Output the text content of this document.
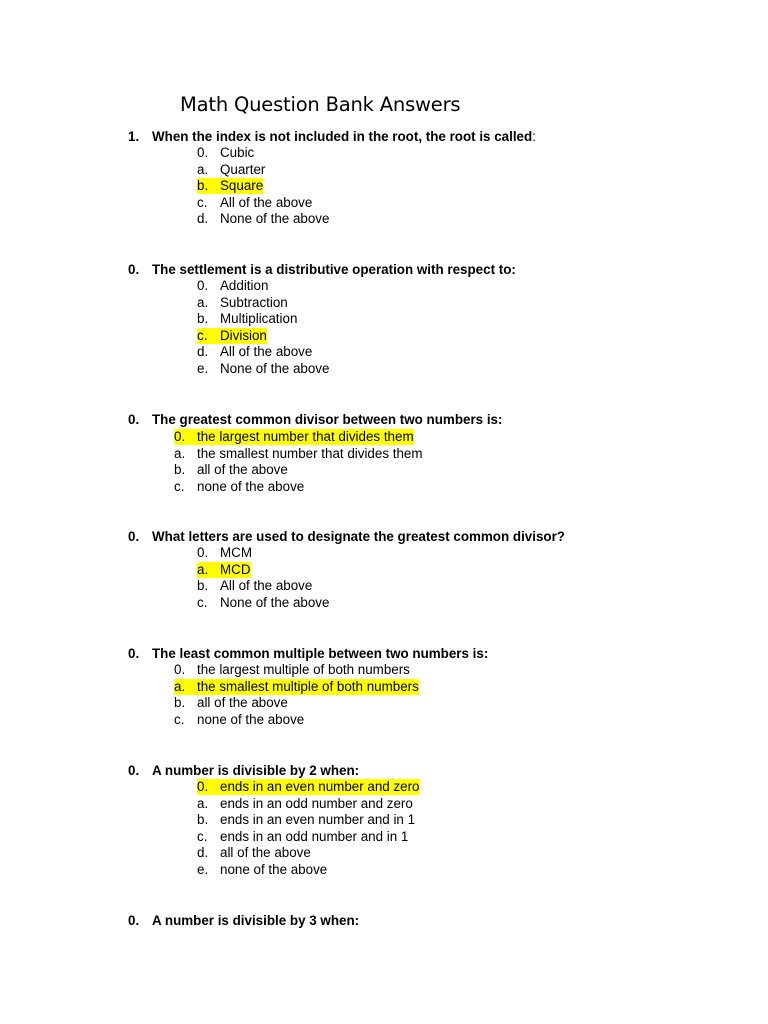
Math Question Bank Answers
1. When the index is not included in the root, the root is called:
0. Cubic
a. Quarter
b. Square
c. All of the above
d. None of the above
0. The settlement is a distributive operation with respect to:
0. Addition
a. Subtraction
b. Multiplication
c. Division
d. All of the above
e. None of the above
0. The greatest common divisor between two numbers is:
0. the largest number that divides them
a. the smallest number that divides them
b. all of the above
c. none of the above
0. What letters are used to designate the greatest common divisor?
0. MCM
a. MCD
b. All of the above
c. None of the above
0. The least common multiple between two numbers is:
0. the largest multiple of both numbers
a. the smallest multiple of both numbers
b. all of the above
c. none of the above
0. A number is divisible by 2 when:
0. ends in an even number and zero
a. ends in an odd number and zero
b. ends in an even number and in 1
c. ends in an odd number and in 1
d. all of the above
e. none of the above
0. A number is divisible by 3 when:
